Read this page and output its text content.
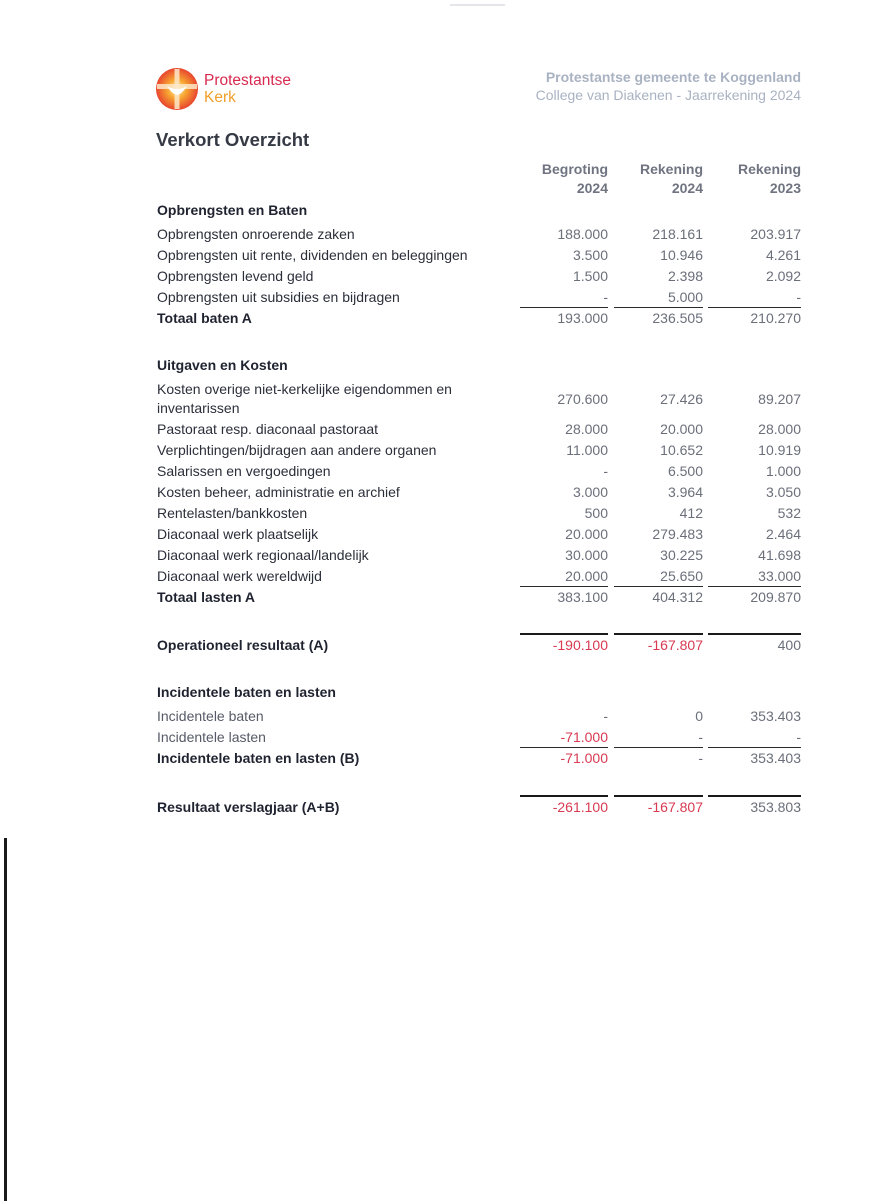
Protestantse
Kerk
Protestantse gemeente te Koggenland
College van Diakenen - Jaarrekening 2024
Verkort Overzicht
Begroting
2024
Rekening
2024
Rekening
2023
Opbrengsten en Baten
Opbrengsten onroerende zaken	188.000	218.161	203.917
Opbrengsten uit rente, dividenden en beleggingen	3.500	10.946	4.261
Opbrengsten levend geld	1.500	2.398	2.092
Opbrengsten uit subsidies en bijdragen	-	5.000	-
Totaal baten A	193.000	236.505	210.270
Uitgaven en Kosten
Kosten overige niet-kerkelijke eigendommen en
inventarissen
270.600	27.426	89.207
Pastoraat resp. diaconaal pastoraat	28.000	20.000	28.000
Verplichtingen/bijdragen aan andere organen	11.000	10.652	10.919
Salarissen en vergoedingen	-	6.500	1.000
Kosten beheer, administratie en archief	3.000	3.964	3.050
Rentelasten/bankkosten	500	412	532
Diaconaal werk plaatselijk	20.000	279.483	2.464
Diaconaal werk regionaal/landelijk	30.000	30.225	41.698
Diaconaal werk wereldwijd	20.000	25.650	33.000
Totaal lasten A	383.100	404.312	209.870
Operationeel resultaat (A)	-190.100	-167.807	400
Incidentele baten en lasten
Incidentele baten	-	0	353.403
Incidentele lasten	-71.000	-	-
Incidentele baten en lasten (B)	-71.000	-	353.403
Resultaat verslagjaar (A+B)	-261.100	-167.807	353.803
